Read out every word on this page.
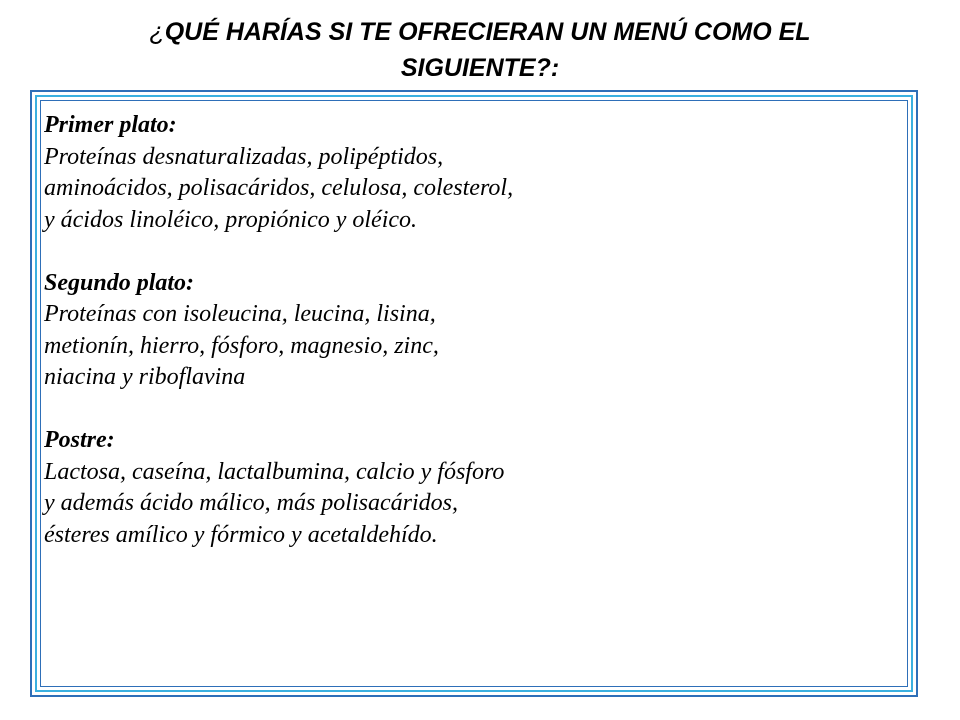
¿QUÉ HARÍAS SI TE OFRECIERAN UN MENÚ COMO EL
SIGUIENTE?:
Primer plato:
Proteínas desnaturalizadas, polipéptidos,
aminoácidos, polisacáridos, celulosa, colesterol,
y ácidos linoléico, propiónico y oléico.
Segundo plato:
Proteínas con isoleucina, leucina, lisina,
metionín, hierro, fósforo, magnesio, zinc,
niacina y riboflavina
Postre:
Lactosa, caseína, lactalbumina, calcio y fósforo
y además ácido málico, más polisacáridos,
ésteres amílico y fórmico y acetaldehído.
